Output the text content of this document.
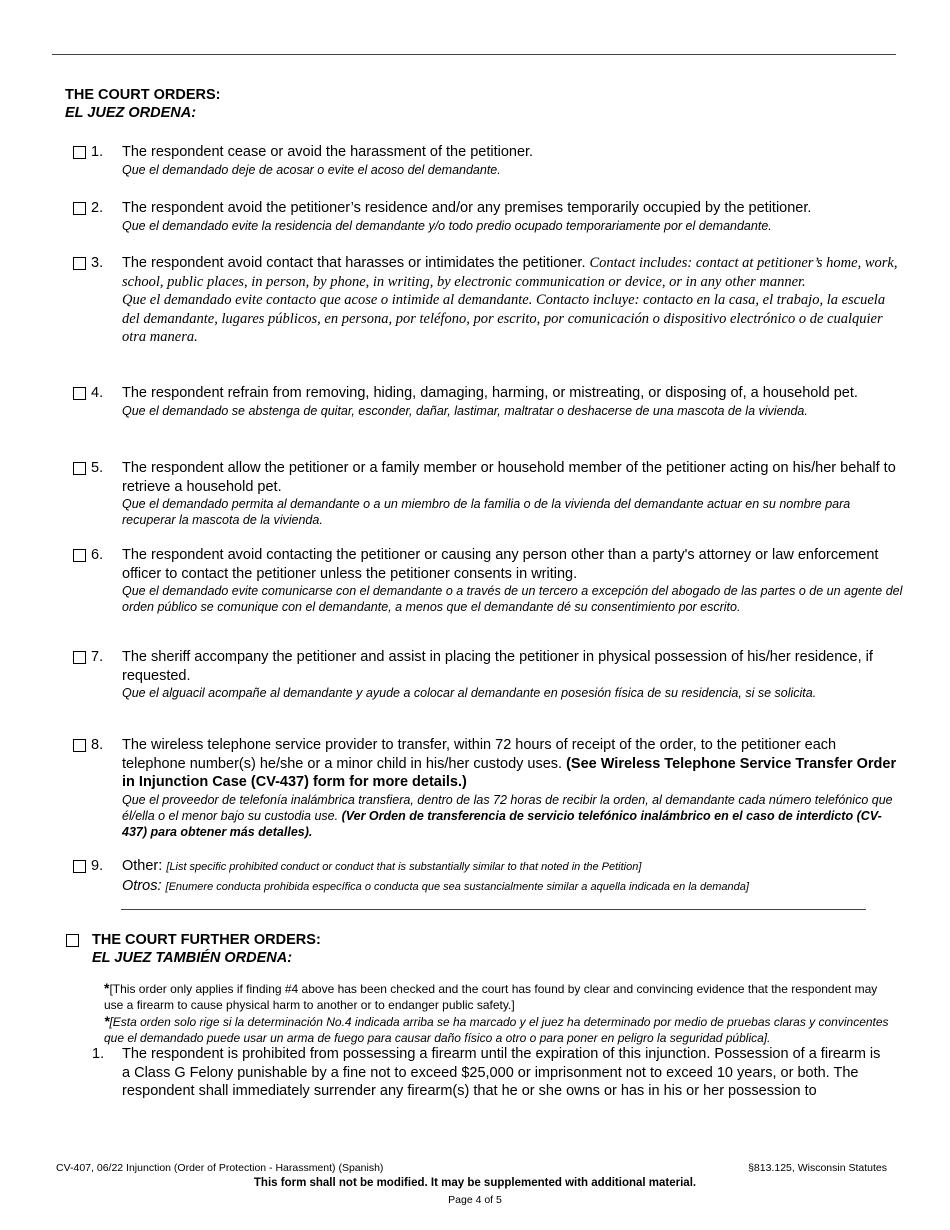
THE COURT ORDERS:
EL JUEZ ORDENA:
1. The respondent cease or avoid the harassment of the petitioner.
Que el demandado deje de acosar o evite el acoso del demandante.
2. The respondent avoid the petitioner’s residence and/or any premises temporarily occupied by the petitioner.
Que el demandado evite la residencia del demandante y/o todo predio ocupado temporariamente por el demandante.
3. The respondent avoid contact that harasses or intimidates the petitioner. Contact includes: contact at petitioner’s home, work, school, public places, in person, by phone, in writing, by electronic communication or device, or in any other manner.
Que el demandado evite contacto que acose o intimide al demandante. Contacto incluye: contacto en la casa, el trabajo, la escuela del demandante, lugares públicos, en persona, por teléfono, por escrito, por comunicación o dispositivo electrónico o de cualquier otra manera.
4. The respondent refrain from removing, hiding, damaging, harming, or mistreating, or disposing of, a household pet.
Que el demandado se abstenga de quitar, esconder, dañar, lastimar, maltratar o deshacerse de una mascota de la vivienda.
5. The respondent allow the petitioner or a family member or household member of the petitioner acting on his/her behalf to retrieve a household pet.
Que el demandado permita al demandante o a un miembro de la familia o de la vivienda del demandante actuar en su nombre para recuperar la mascota de la vivienda.
6. The respondent avoid contacting the petitioner or causing any person other than a party's attorney or law enforcement officer to contact the petitioner unless the petitioner consents in writing.
Que el demandado evite comunicarse con el demandante o a través de un tercero a excepción del abogado de las partes o de un agente del orden público se comunique con el demandante, a menos que el demandante dé su consentimiento por escrito.
7. The sheriff accompany the petitioner and assist in placing the petitioner in physical possession of his/her residence, if requested.
Que el alguacil acompañe al demandante y ayude a colocar al demandante en posesión física de su residencia, si se solicita.
8. The wireless telephone service provider to transfer, within 72 hours of receipt of the order, to the petitioner each telephone number(s) he/she or a minor child in his/her custody uses. (See Wireless Telephone Service Transfer Order in Injunction Case (CV-437) form for more details.)
Que el proveedor de telefonía inalámbrica transfiera, dentro de las 72 horas de recibir la orden, al demandante cada número telefónico que él/ella o el menor bajo su custodia use. (Ver Orden de transferencia de servicio telefónico inalámbrico en el caso de interdicto (CV-437) para obtener más detalles).
9. Other: [List specific prohibited conduct or conduct that is substantially similar to that noted in the Petition]
Otros: [Enumere conducta prohibida específica o conducta que sea sustancialmente similar a aquella indicada en la demanda]
THE COURT FURTHER ORDERS:
EL JUEZ TAMBIÉN ORDENA:
*[This order only applies if finding #4 above has been checked and the court has found by clear and convincing evidence that the respondent may use a firearm to cause physical harm to another or to endanger public safety.]
*[Esta orden solo rige si la determinación No.4 indicada arriba se ha marcado y el juez ha determinado por medio de pruebas claras y convincentes que el demandado puede usar un arma de fuego para causar daño físico a otro o para poner en peligro la seguridad pública].
1. The respondent is prohibited from possessing a firearm until the expiration of this injunction. Possession of a firearm is a Class G Felony punishable by a fine not to exceed $25,000 or imprisonment not to exceed 10 years, or both. The respondent shall immediately surrender any firearm(s) that he or she owns or has in his or her possession to
CV-407, 06/22 Injunction (Order of Protection - Harassment) (Spanish)	§813.125, Wisconsin Statutes
This form shall not be modified. It may be supplemented with additional material.
Page 4 of 5
